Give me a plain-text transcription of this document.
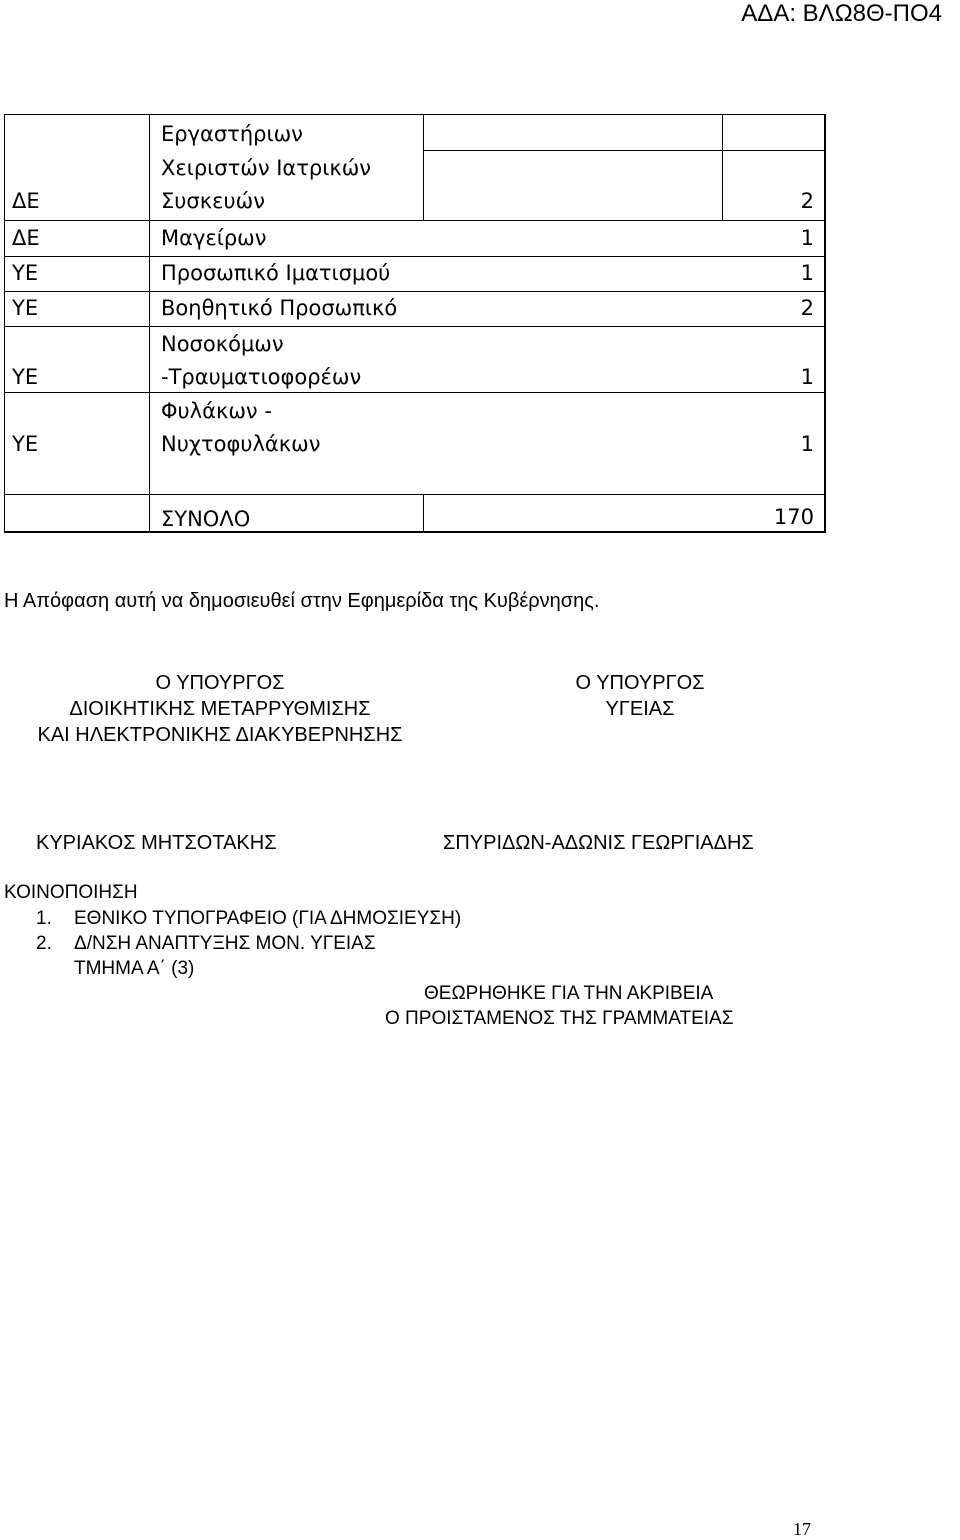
ΑΔΑ: ΒΛΩ8Θ-ΠΟ4
Εργαστήριων
Χειριστών Ιατρικών
Συσκευών
ΔΕ	2
ΔΕ	Μαγείρων	1
ΥΕ	Προσωπικό Ιματισμού	1
ΥΕ	Βοηθητικό Προσωπικό	2
Νοσοκόμων
ΥΕ	-Τραυματιοφορέων	1
Φυλάκων -
ΥΕ	Νυχτοφυλάκων	1
ΣΥΝΟΛΟ	170
Η Απόφαση αυτή να δημοσιευθεί στην Εφημερίδα της Κυβέρνησης.
Ο ΥΠΟΥΡΓΟΣ
ΔΙΟΙΚΗΤΙΚΗΣ ΜΕΤΑΡΡΥΘΜΙΣΗΣ
ΚΑΙ ΗΛΕΚΤΡΟΝΙΚΗΣ ΔΙΑΚΥΒΕΡΝΗΣΗΣ
Ο ΥΠΟΥΡΓΟΣ
ΥΓΕΙΑΣ
ΚΥΡΙΑΚΟΣ ΜΗΤΣΟΤΑΚΗΣ	ΣΠΥΡΙΔΩΝ-ΑΔΩΝΙΣ ΓΕΩΡΓΙΑΔΗΣ
ΚΟΙΝΟΠΟΙΗΣΗ
1. ΕΘΝΙΚΟ ΤΥΠΟΓΡΑΦΕΙΟ (ΓΙΑ ΔΗΜΟΣΙΕΥΣΗ)
2. Δ/ΝΣΗ ΑΝΑΠΤΥΞΗΣ ΜΟΝ. ΥΓΕΙΑΣ
ΤΜΗΜΑ Α΄ (3)
ΘΕΩΡΗΘΗΚΕ ΓΙΑ ΤΗΝ ΑΚΡΙΒΕΙΑ
Ο ΠΡΟΙΣΤΑΜΕΝΟΣ ΤΗΣ ΓΡΑΜΜΑΤΕΙΑΣ
17
